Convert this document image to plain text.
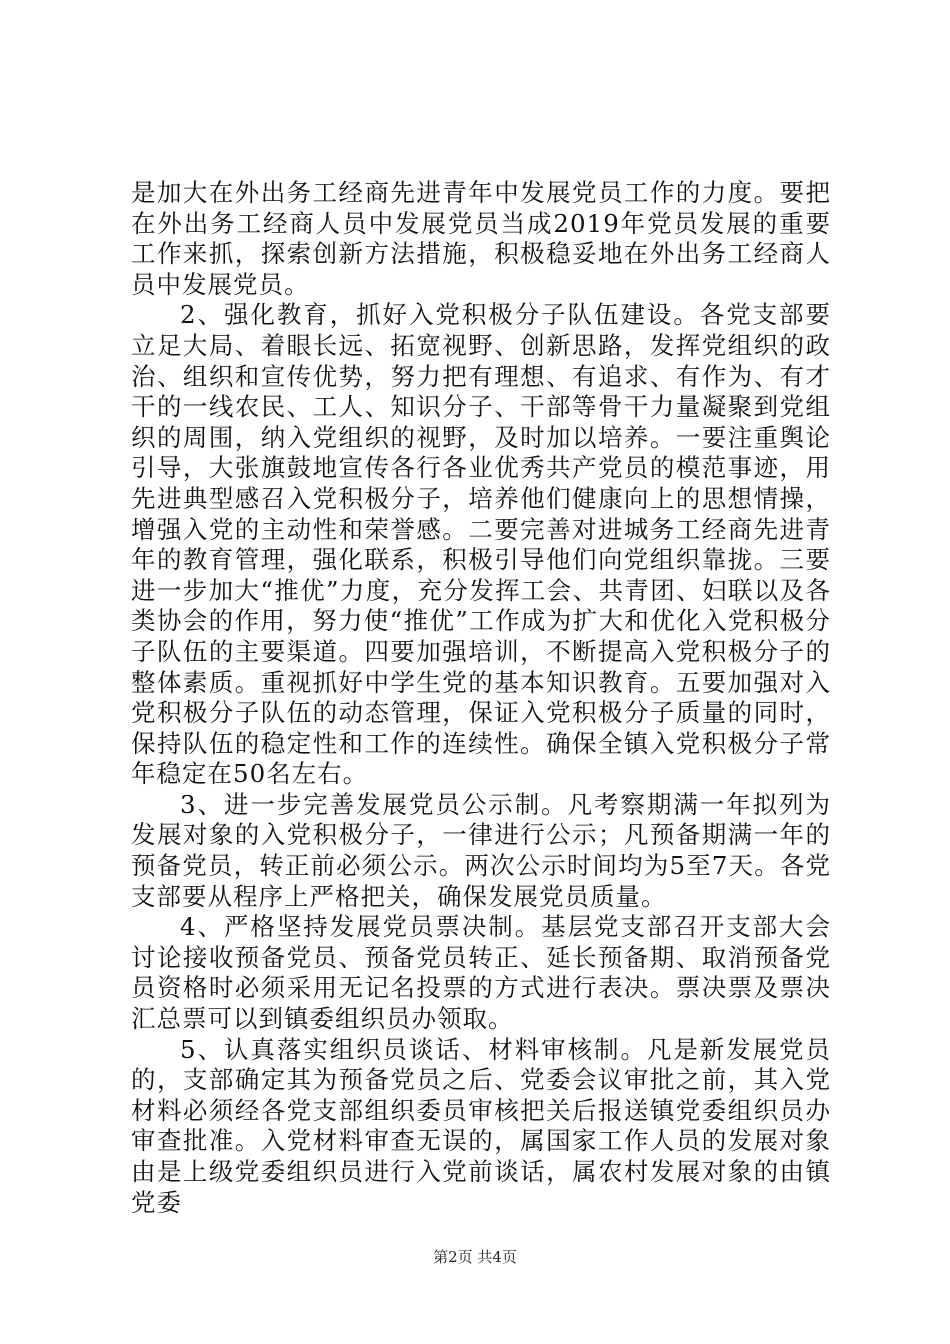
是加大在外出务工经商先进青年中发展党员工作的力度。要把在外出务工经商人员中发展党员当成2019年党员发展的重要工作来抓，探索创新方法措施，积极稳妥地在外出务工经商人员中发展党员。

2、强化教育，抓好入党积极分子队伍建设。各党支部要立足大局、着眼长远、拓宽视野、创新思路，发挥党组织的政治、组织和宣传优势，努力把有理想、有追求、有作为、有才干的一线农民、工人、知识分子、干部等骨干力量凝聚到党组织的周围，纳入党组织的视野，及时加以培养。一要注重舆论引导，大张旗鼓地宣传各行各业优秀共产党员的模范事迹，用先进典型感召入党积极分子，培养他们健康向上的思想情操，增强入党的主动性和荣誉感。二要完善对进城务工经商先进青年的教育管理，强化联系，积极引导他们向党组织靠拢。三要进一步加大“推优”力度，充分发挥工会、共青团、妇联以及各类协会的作用，努力使“推优”工作成为扩大和优化入党积极分子队伍的主要渠道。四要加强培训，不断提高入党积极分子的整体素质。重视抓好中学生党的基本知识教育。五要加强对入党积极分子队伍的动态管理，保证入党积极分子质量的同时，保持队伍的稳定性和工作的连续性。确保全镇入党积极分子常年稳定在50名左右。

3、进一步完善发展党员公示制。凡考察期满一年拟列为发展对象的入党积极分子，一律进行公示；凡预备期满一年的预备党员，转正前必须公示。两次公示时间均为5至7天。各党支部要从程序上严格把关，确保发展党员质量。

4、严格坚持发展党员票决制。基层党支部召开支部大会讨论接收预备党员、预备党员转正、延长预备期、取消预备党员资格时必须采用无记名投票的方式进行表决。票决票及票决汇总票可以到镇委组织员办领取。

5、认真落实组织员谈话、材料审核制。凡是新发展党员的，支部确定其为预备党员之后、党委会议审批之前，其入党材料必须经各党支部组织委员审核把关后报送镇党委组织员办审查批准。入党材料审查无误的，属国家工作人员的发展对象由是上级党委组织员进行入党前谈话，属农村发展对象的由镇党委

第2页 共4页
